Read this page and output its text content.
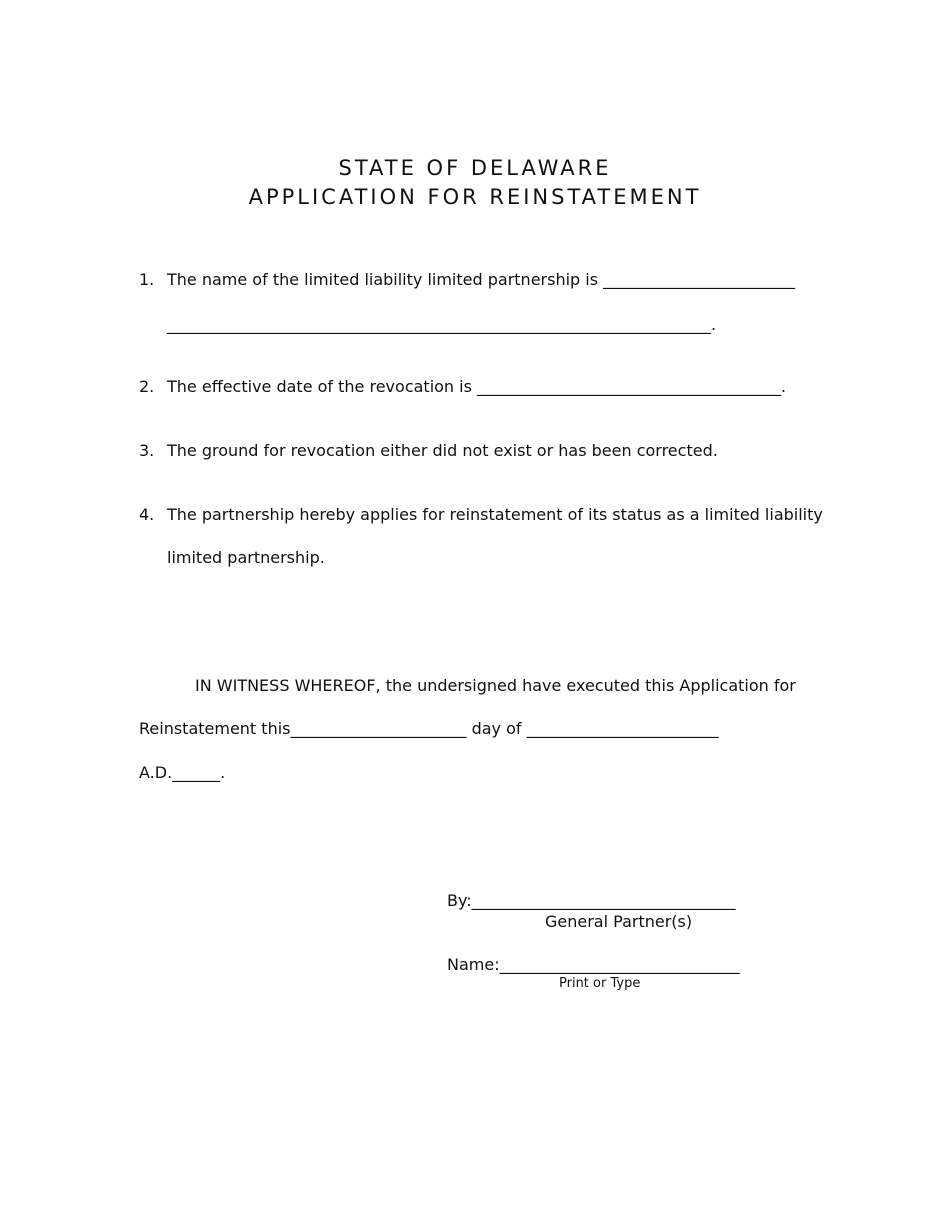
STATE OF DELAWARE
APPLICATION FOR REINSTATEMENT
1. The name of the limited liability limited partnership is ________________________
____________________________________________________________________.
2. The effective date of the revocation is ______________________________________.
3. The ground for revocation either did not exist or has been corrected.
4. The partnership hereby applies for reinstatement of its status as a limited liability
limited partnership.
IN WITNESS WHEREOF, the undersigned have executed this Application for
Reinstatement this______________________ day of ________________________
A.D.______.
By:_________________________________
General Partner(s)
Name:______________________________
Print or Type
